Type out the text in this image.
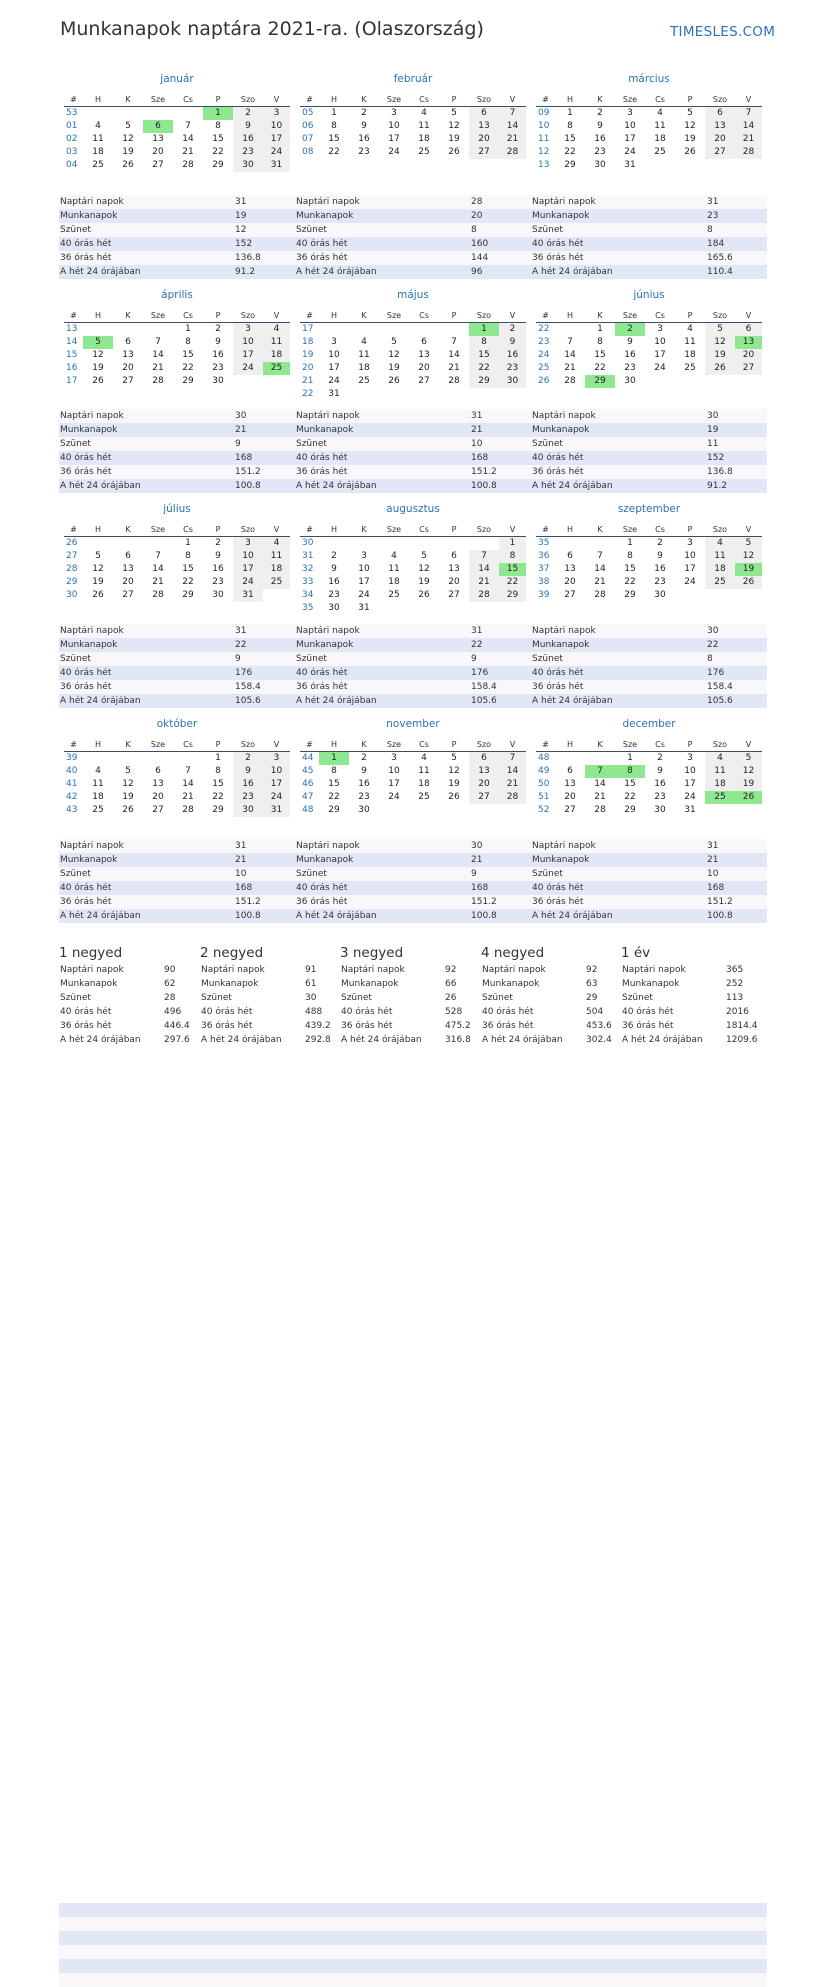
Munkanapok naptára 2021-ra. (Olaszország)	TIMESLES.COM
január
#	H	K	Sze	Cs	P	Szo	V
53					1	2	3
01	4	5	6	7	8	9	10
02	11	12	13	14	15	16	17
03	18	19	20	21	22	23	24
04	25	26	27	28	29	30	31
Naptári napok	31
Munkanapok	19
Szünet	12
40 órás hét	152
36 órás hét	136.8
A hét 24 órájában	91.2
február
#	H	K	Sze	Cs	P	Szo	V
05	1	2	3	4	5	6	7
06	8	9	10	11	12	13	14
07	15	16	17	18	19	20	21
08	22	23	24	25	26	27	28
Naptári napok	28
Munkanapok	20
Szünet	8
40 órás hét	160
36 órás hét	144
A hét 24 órájában	96
március
#	H	K	Sze	Cs	P	Szo	V
09	1	2	3	4	5	6	7
10	8	9	10	11	12	13	14
11	15	16	17	18	19	20	21
12	22	23	24	25	26	27	28
13	29	30	31				
Naptári napok	31
Munkanapok	23
Szünet	8
40 órás hét	184
36 órás hét	165.6
A hét 24 órájában	110.4
április
#	H	K	Sze	Cs	P	Szo	V
13				1	2	3	4
14	5	6	7	8	9	10	11
15	12	13	14	15	16	17	18
16	19	20	21	22	23	24	25
17	26	27	28	29	30		
Naptári napok	30
Munkanapok	21
Szünet	9
40 órás hét	168
36 órás hét	151.2
A hét 24 órájában	100.8
május
#	H	K	Sze	Cs	P	Szo	V
17						1	2
18	3	4	5	6	7	8	9
19	10	11	12	13	14	15	16
20	17	18	19	20	21	22	23
21	24	25	26	27	28	29	30
22	31						
Naptári napok	31
Munkanapok	21
Szünet	10
40 órás hét	168
36 órás hét	151.2
A hét 24 órájában	100.8
június
#	H	K	Sze	Cs	P	Szo	V
22		1	2	3	4	5	6
23	7	8	9	10	11	12	13
24	14	15	16	17	18	19	20
25	21	22	23	24	25	26	27
26	28	29	30				
Naptári napok	30
Munkanapok	19
Szünet	11
40 órás hét	152
36 órás hét	136.8
A hét 24 órájában	91.2
július
#	H	K	Sze	Cs	P	Szo	V
26				1	2	3	4
27	5	6	7	8	9	10	11
28	12	13	14	15	16	17	18
29	19	20	21	22	23	24	25
30	26	27	28	29	30	31	
Naptári napok	31
Munkanapok	22
Szünet	9
40 órás hét	176
36 órás hét	158.4
A hét 24 órájában	105.6
augusztus
#	H	K	Sze	Cs	P	Szo	V
30							1
31	2	3	4	5	6	7	8
32	9	10	11	12	13	14	15
33	16	17	18	19	20	21	22
34	23	24	25	26	27	28	29
35	30	31					
Naptári napok	31
Munkanapok	22
Szünet	9
40 órás hét	176
36 órás hét	158.4
A hét 24 órájában	105.6
szeptember
#	H	K	Sze	Cs	P	Szo	V
35			1	2	3	4	5
36	6	7	8	9	10	11	12
37	13	14	15	16	17	18	19
38	20	21	22	23	24	25	26
39	27	28	29	30			
Naptári napok	30
Munkanapok	22
Szünet	8
40 órás hét	176
36 órás hét	158.4
A hét 24 órájában	105.6
október
#	H	K	Sze	Cs	P	Szo	V
39					1	2	3
40	4	5	6	7	8	9	10
41	11	12	13	14	15	16	17
42	18	19	20	21	22	23	24
43	25	26	27	28	29	30	31
Naptári napok	31
Munkanapok	21
Szünet	10
40 órás hét	168
36 órás hét	151.2
A hét 24 órájában	100.8
november
#	H	K	Sze	Cs	P	Szo	V
44	1	2	3	4	5	6	7
45	8	9	10	11	12	13	14
46	15	16	17	18	19	20	21
47	22	23	24	25	26	27	28
48	29	30					
Naptári napok	30
Munkanapok	21
Szünet	9
40 órás hét	168
36 órás hét	151.2
A hét 24 órájában	100.8
december
#	H	K	Sze	Cs	P	Szo	V
48			1	2	3	4	5
49	6	7	8	9	10	11	12
50	13	14	15	16	17	18	19
51	20	21	22	23	24	25	26
52	27	28	29	30	31		
Naptári napok	31
Munkanapok	21
Szünet	10
40 órás hét	168
36 órás hét	151.2
A hét 24 órájában	100.8
1 negyed
Naptári napok	90
Munkanapok	62
Szünet	28
40 órás hét	496
36 órás hét	446.4
A hét 24 órájában	297.6
2 negyed
Naptári napok	91
Munkanapok	61
Szünet	30
40 órás hét	488
36 órás hét	439.2
A hét 24 órájában	292.8
3 negyed
Naptári napok	92
Munkanapok	66
Szünet	26
40 órás hét	528
36 órás hét	475.2
A hét 24 órájában	316.8
4 negyed
Naptári napok	92
Munkanapok	63
Szünet	29
40 órás hét	504
36 órás hét	453.6
A hét 24 órájában	302.4
1 év
Naptári napok	365
Munkanapok	252
Szünet	113
40 órás hét	2016
36 órás hét	1814.4
A hét 24 órájában	1209.6
